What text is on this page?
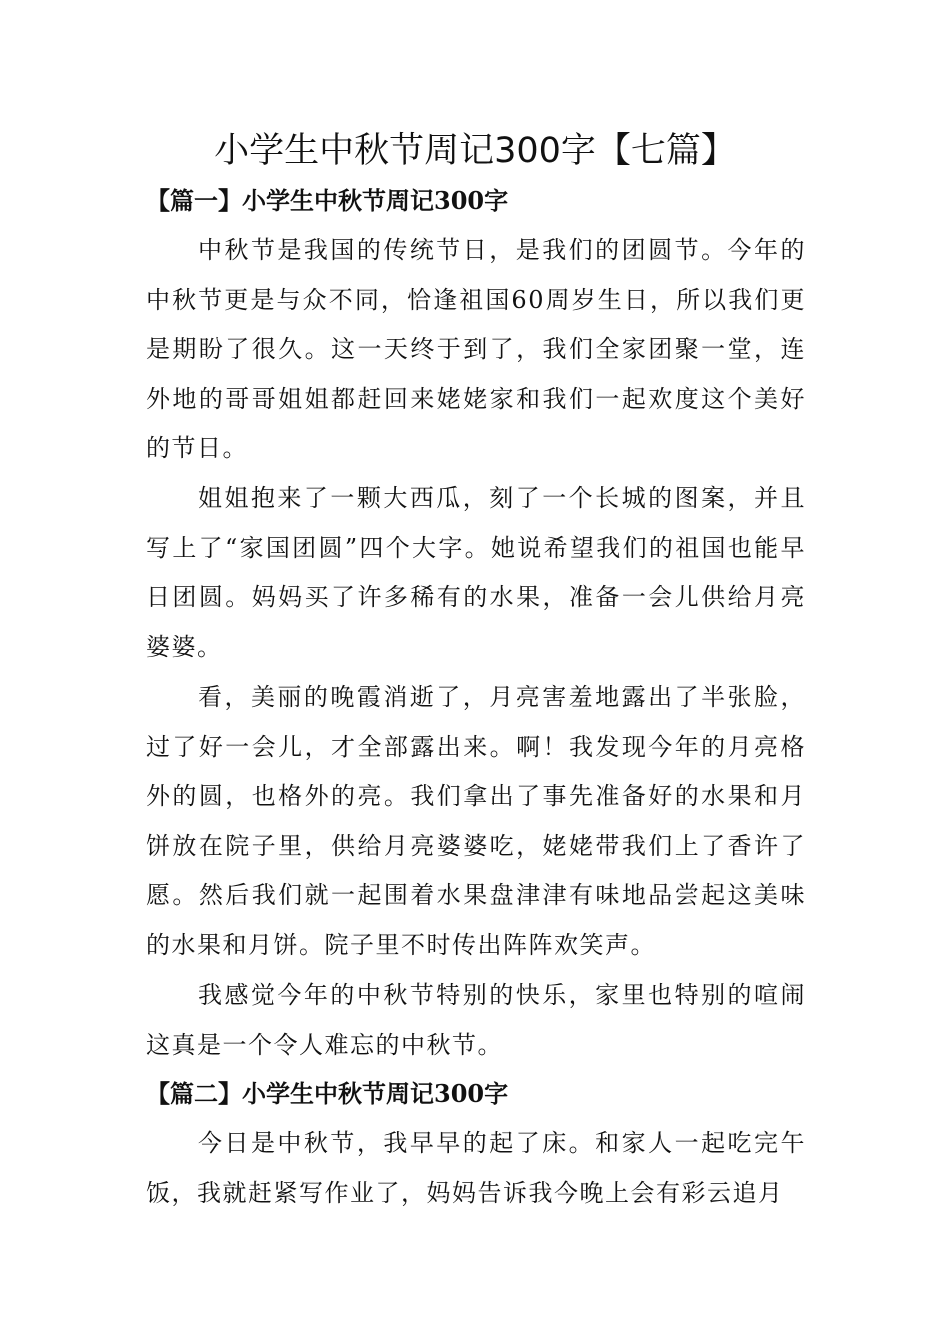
小学生中秋节周记300字【七篇】
【篇一】小学生中秋节周记300字

中秋节是我国的传统节日，是我们的团圆节。今年的中秋节更是与众不同，恰逢祖国60周岁生日，所以我们更是期盼了很久。这一天终于到了，我们全家团聚一堂，连外地的哥哥姐姐都赶回来姥姥家和我们一起欢度这个美好的节日。

姐姐抱来了一颗大西瓜，刻了一个长城的图案，并且写上了“家国团圆”四个大字。她说希望我们的祖国也能早日团圆。妈妈买了许多稀有的水果，准备一会儿供给月亮婆婆。

看，美丽的晚霞消逝了，月亮害羞地露出了半张脸，过了好一会儿，才全部露出来。啊！我发现今年的月亮格外的圆，也格外的亮。我们拿出了事先准备好的水果和月饼放在院子里，供给月亮婆婆吃，姥姥带我们上了香许了愿。然后我们就一起围着水果盘津津有味地品尝起这美味的水果和月饼。院子里不时传出阵阵欢笑声。

我感觉今年的中秋节特别的快乐，家里也特别的喧闹这真是一个令人难忘的中秋节。

【篇二】小学生中秋节周记300字

今日是中秋节，我早早的起了床。和家人一起吃完午饭，我就赶紧写作业了，妈妈告诉我今晚上会有彩云追月
